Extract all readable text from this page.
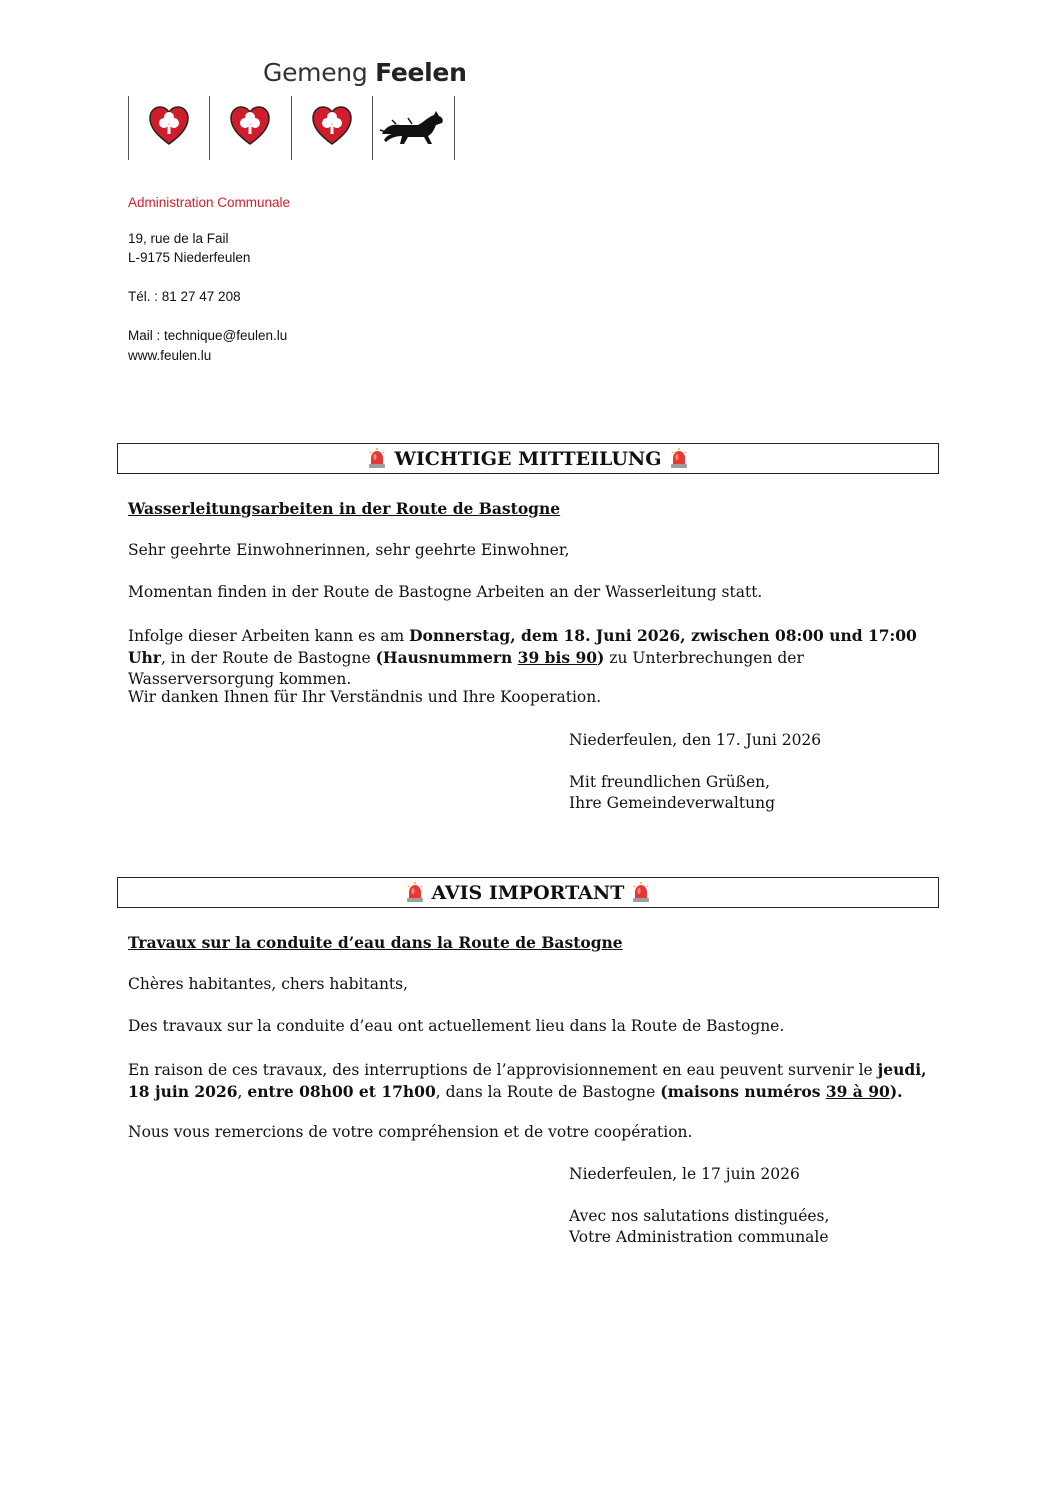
Gemeng Feelen
Administration Communale
19, rue de la Fail
L-9175 Niederfeulen
Tél. : 81 27 47 208
Mail : technique@feulen.lu
www.feulen.lu
WICHTIGE MITTEILUNG
Wasserleitungsarbeiten in der Route de Bastogne
Sehr geehrte Einwohnerinnen, sehr geehrte Einwohner,
Momentan finden in der Route de Bastogne Arbeiten an der Wasserleitung statt.
Infolge dieser Arbeiten kann es am Donnerstag, dem 18. Juni 2026, zwischen 08:00 und 17:00 Uhr, in der Route de Bastogne (Hausnummern 39 bis 90) zu Unterbrechungen der Wasserversorgung kommen.
Wir danken Ihnen für Ihr Verständnis und Ihre Kooperation.
Niederfeulen, den 17. Juni 2026
Mit freundlichen Grüßen,
Ihre Gemeindeverwaltung
AVIS IMPORTANT
Travaux sur la conduite d’eau dans la Route de Bastogne
Chères habitantes, chers habitants,
Des travaux sur la conduite d’eau ont actuellement lieu dans la Route de Bastogne.
En raison de ces travaux, des interruptions de l’approvisionnement en eau peuvent survenir le jeudi, 18 juin 2026, entre 08h00 et 17h00, dans la Route de Bastogne (maisons numéros 39 à 90).
Nous vous remercions de votre compréhension et de votre coopération.
Niederfeulen, le 17 juin 2026
Avec nos salutations distinguées,
Votre Administration communale
